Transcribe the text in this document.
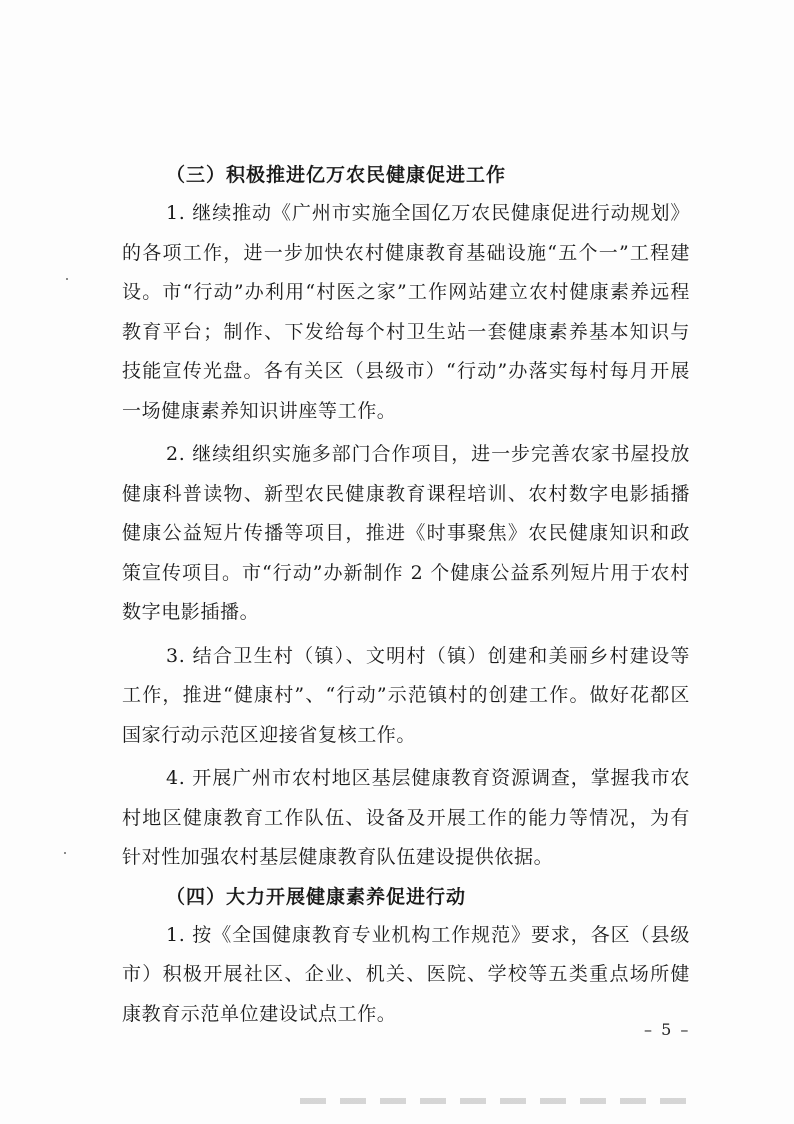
（三）积极推进亿万农民健康促进工作

1. 继续推动《广州市实施全国亿万农民健康促进行动规划》的各项工作，进一步加快农村健康教育基础设施“五个一”工程建设。市“行动”办利用“村医之家”工作网站建立农村健康素养远程教育平台；制作、下发给每个村卫生站一套健康素养基本知识与技能宣传光盘。各有关区（县级市）“行动”办落实每村每月开展一场健康素养知识讲座等工作。

2. 继续组织实施多部门合作项目，进一步完善农家书屋投放健康科普读物、新型农民健康教育课程培训、农村数字电影插播健康公益短片传播等项目，推进《时事聚焦》农民健康知识和政策宣传项目。市“行动”办新制作 2 个健康公益系列短片用于农村数字电影插播。

3. 结合卫生村（镇）、文明村（镇）创建和美丽乡村建设等工作，推进“健康村”、“行动”示范镇村的创建工作。做好花都区国家行动示范区迎接省复核工作。

4. 开展广州市农村地区基层健康教育资源调查，掌握我市农村地区健康教育工作队伍、设备及开展工作的能力等情况，为有针对性加强农村基层健康教育队伍建设提供依据。

（四）大力开展健康素养促进行动

1. 按《全国健康教育专业机构工作规范》要求，各区（县级市）积极开展社区、企业、机关、医院、学校等五类重点场所健康教育示范单位建设试点工作。

– 5 –
